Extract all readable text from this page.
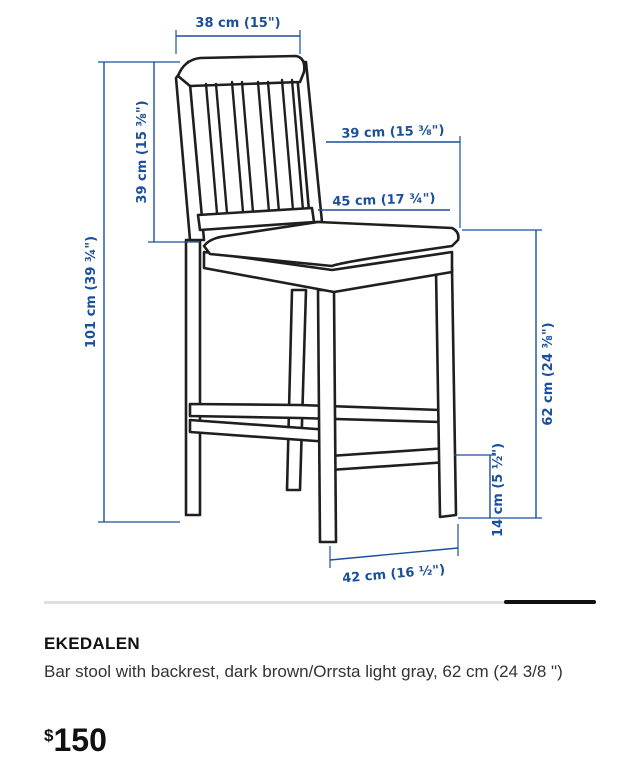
38 cm (15")
101 cm (39 ¾")
39 cm (15 ⅜")	39 cm (15 ⅜")
45 cm (17 ¾")
62 cm (24 ⅜")
14 cm (5 ½")
42 cm (16 ½")
EKEDALEN
Bar stool with backrest, dark brown/Orrsta light gray, 62 cm (24 3/8 ")
$150
